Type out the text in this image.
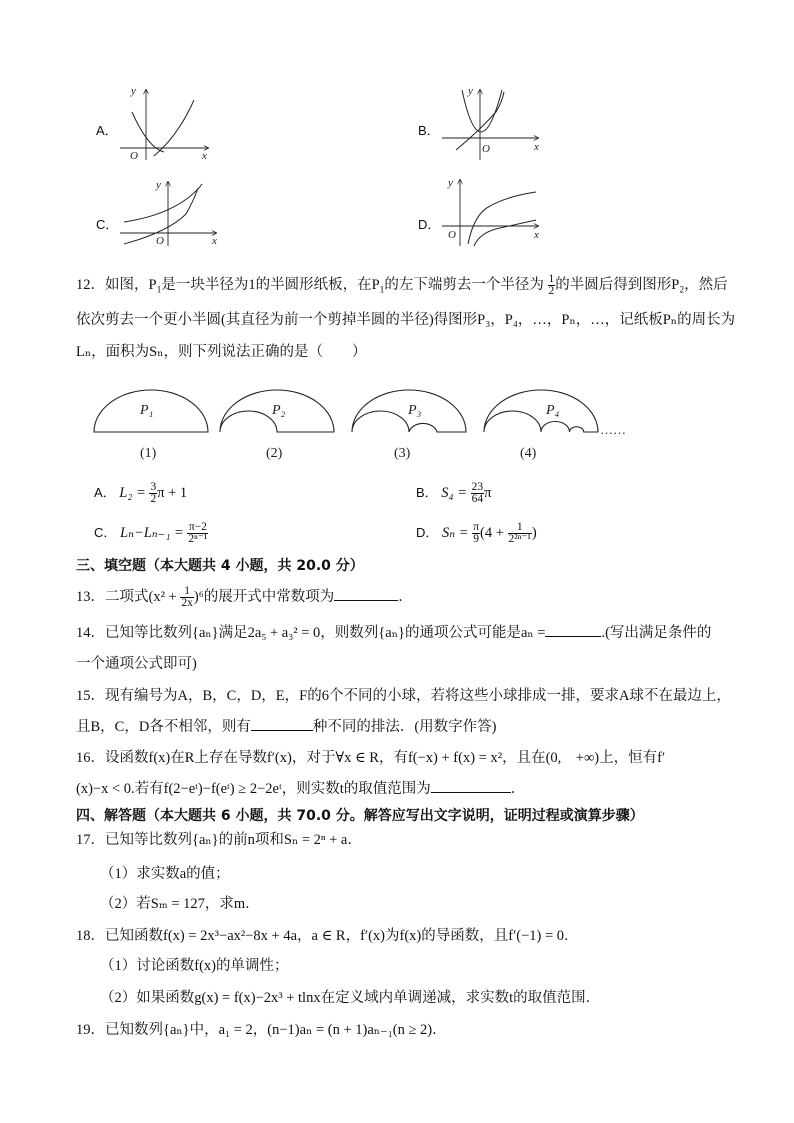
A．
x
y
O
B．
x
y
O
C．
x
y
O
D．
x
y
O
12．如图，$P_1$是一块半径为1的半圆形纸板，在$P_1$的左下端剪去一个半径为 $\frac{1}{2}$ 的半圆后得到图形$P_2$，然后
依次剪去一个更小半圆(其直径为前一个剪掉半圆的半径)得图形P₃，P₄，…，Pₙ，…，记纸板Pₙ的周长为
Lₙ，面积为Sₙ，则下列说法正确的是（　　）
P₁
(1)
P₂
(2)
P₃
(3)
P₄
(4)
……
A． $L_2 = \frac{3}{2}$ π + 1	B． $S_4 = \frac{23}{64}$ π
C． $L_n-L_{n-1} = \frac{\pi-2}{\text{2ⁿ⁻¹}}$	D． $S_n = \frac{\pi}{9} (4 + \frac{1}{\text{2²ⁿ⁻¹}}$ )
三、填空题（本大题共 4 小题，共 20.0 分）
13．二项式$(x^2 + \frac{1}{2x} )^6$的展开式中常数项为	．
14．已知等比数列{aₙ}满足2a₅ + a₃² = 0，则数列{aₙ}的通项公式可能是aₙ =	.(写出满足条件的
一个通项公式即可)
15．现有编号为A，B，C，D，E，F的6个不同的小球，若将这些小球排成一排，要求A球不在最边上，
且B，C，D各不相邻，则有	种不同的排法．(用数字作答)
16．设函数f(x)在R上存在导数f′(x)，对于∀x ∈ R，有f(−x) + f(x) = x²，且在(0,　+∞)上，恒有f′
(x)−x < 0.若有f(2−eᵗ)−f(eᵗ) ≥ 2−2eᵗ，则实数t的取值范围为	．
四、解答题（本大题共 6 小题，共 70.0 分。解答应写出文字说明，证明过程或演算步骤）
17．已知等比数列{aₙ}的前n项和Sₙ = 2ⁿ + a．
（1）求实数a的值；
（2）若Sₘ = 127，求m．
18．已知函数f(x) = 2x³−ax²−8x + 4a，a ∈ R，f′(x)为f(x)的导函数，且f′(−1) = 0．
（1）讨论函数f(x)的单调性；
（2）如果函数g(x) = f(x)−2x³ + tlnx在定义域内单调递减，求实数t的取值范围．
19．已知数列{aₙ}中，a₁ = 2，(n−1)aₙ = (n + 1)aₙ₋₁(n ≥ 2)．
